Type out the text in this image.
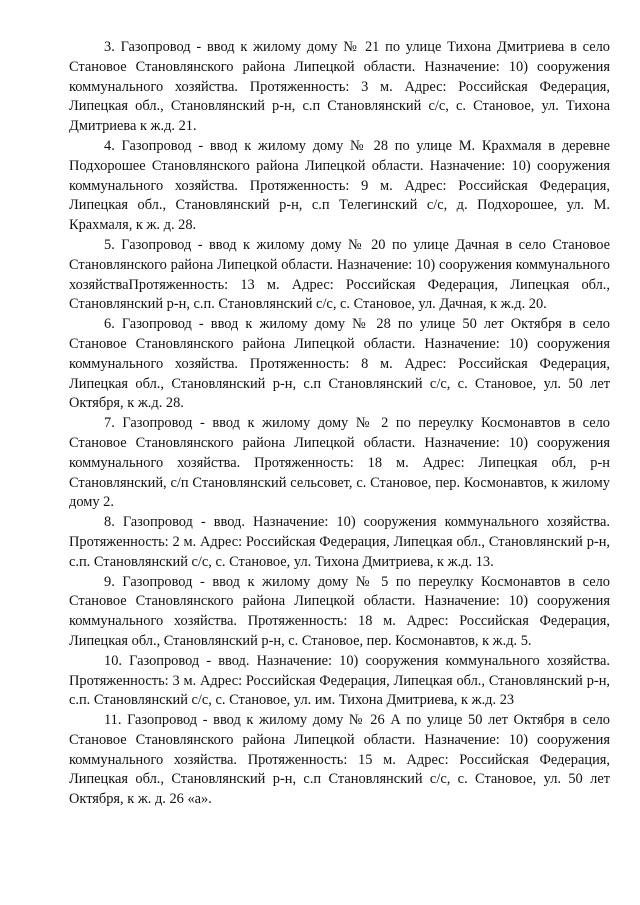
3. Газопровод - ввод к жилому дому № 21 по улице Тихона Дмитриева в село Становое Становлянского района Липецкой области. Назначение: 10) сооружения коммунального хозяйства. Протяженность: 3 м. Адрес: Российская Федерация, Липецкая обл., Становлянский р-н, с.п Становлянский с/с, с. Становое, ул. Тихона Дмитриева к ж.д. 21.

4. Газопровод - ввод к жилому дому № 28 по улице М. Крахмаля в деревне Подхорошее Становлянского района Липецкой области. Назначение: 10) сооружения коммунального хозяйства. Протяженность: 9 м. Адрес: Российская Федерация, Липецкая обл., Становлянский р-н, с.п Телегинский с/с, д. Подхорошее, ул. М. Крахмаля, к ж. д. 28.

5. Газопровод - ввод к жилому дому № 20 по улице Дачная в село Становое Становлянского района Липецкой области. Назначение: 10) сооружения коммунального хозяйстваПротяженность: 13 м. Адрес: Российская Федерация, Липецкая обл., Становлянский р-н, с.п. Становлянский с/с, с. Становое, ул. Дачная, к ж.д. 20.

6. Газопровод - ввод к жилому дому № 28 по улице 50 лет Октября в село Становое Становлянского района Липецкой области. Назначение: 10) сооружения коммунального хозяйства. Протяженность: 8 м. Адрес: Российская Федерация, Липецкая обл., Становлянский р-н, с.п Становлянский с/с, с. Становое, ул. 50 лет Октября, к ж.д. 28.

7. Газопровод - ввод к жилому дому № 2 по переулку Космонавтов в село Становое Становлянского района Липецкой области. Назначение: 10) сооружения коммунального хозяйства. Протяженность: 18 м. Адрес: Липецкая обл, р-н Становлянский, с/п Становлянский сельсовет, с. Становое, пер. Космонавтов, к жилому дому 2.

8. Газопровод - ввод. Назначение: 10) сооружения коммунального хозяйства. Протяженность: 2 м. Адрес: Российская Федерация, Липецкая обл., Становлянский р-н, с.п. Становлянский с/с, с. Становое, ул. Тихона Дмитриева, к ж.д. 13.

9. Газопровод - ввод к жилому дому № 5 по переулку Космонавтов в село Становое Становлянского района Липецкой области. Назначение: 10) сооружения коммунального хозяйства. Протяженность: 18 м. Адрес: Российская Федерация, Липецкая обл., Становлянский р-н, с. Становое, пер. Космонавтов, к ж.д. 5.

10. Газопровод - ввод. Назначение: 10) сооружения коммунального хозяйства. Протяженность: 3 м. Адрес: Российская Федерация, Липецкая обл., Становлянский р-н, с.п. Становлянский с/с, с. Становое, ул. им. Тихона Дмитриева, к ж.д. 23

11. Газопровод - ввод к жилому дому № 26 А по улице 50 лет Октября в село Становое Становлянского района Липецкой области. Назначение: 10) сооружения коммунального хозяйства. Протяженность: 15 м. Адрес: Российская Федерация, Липецкая обл., Становлянский р-н, с.п Становлянский с/с, с. Становое, ул. 50 лет Октября, к ж. д. 26 «а».
